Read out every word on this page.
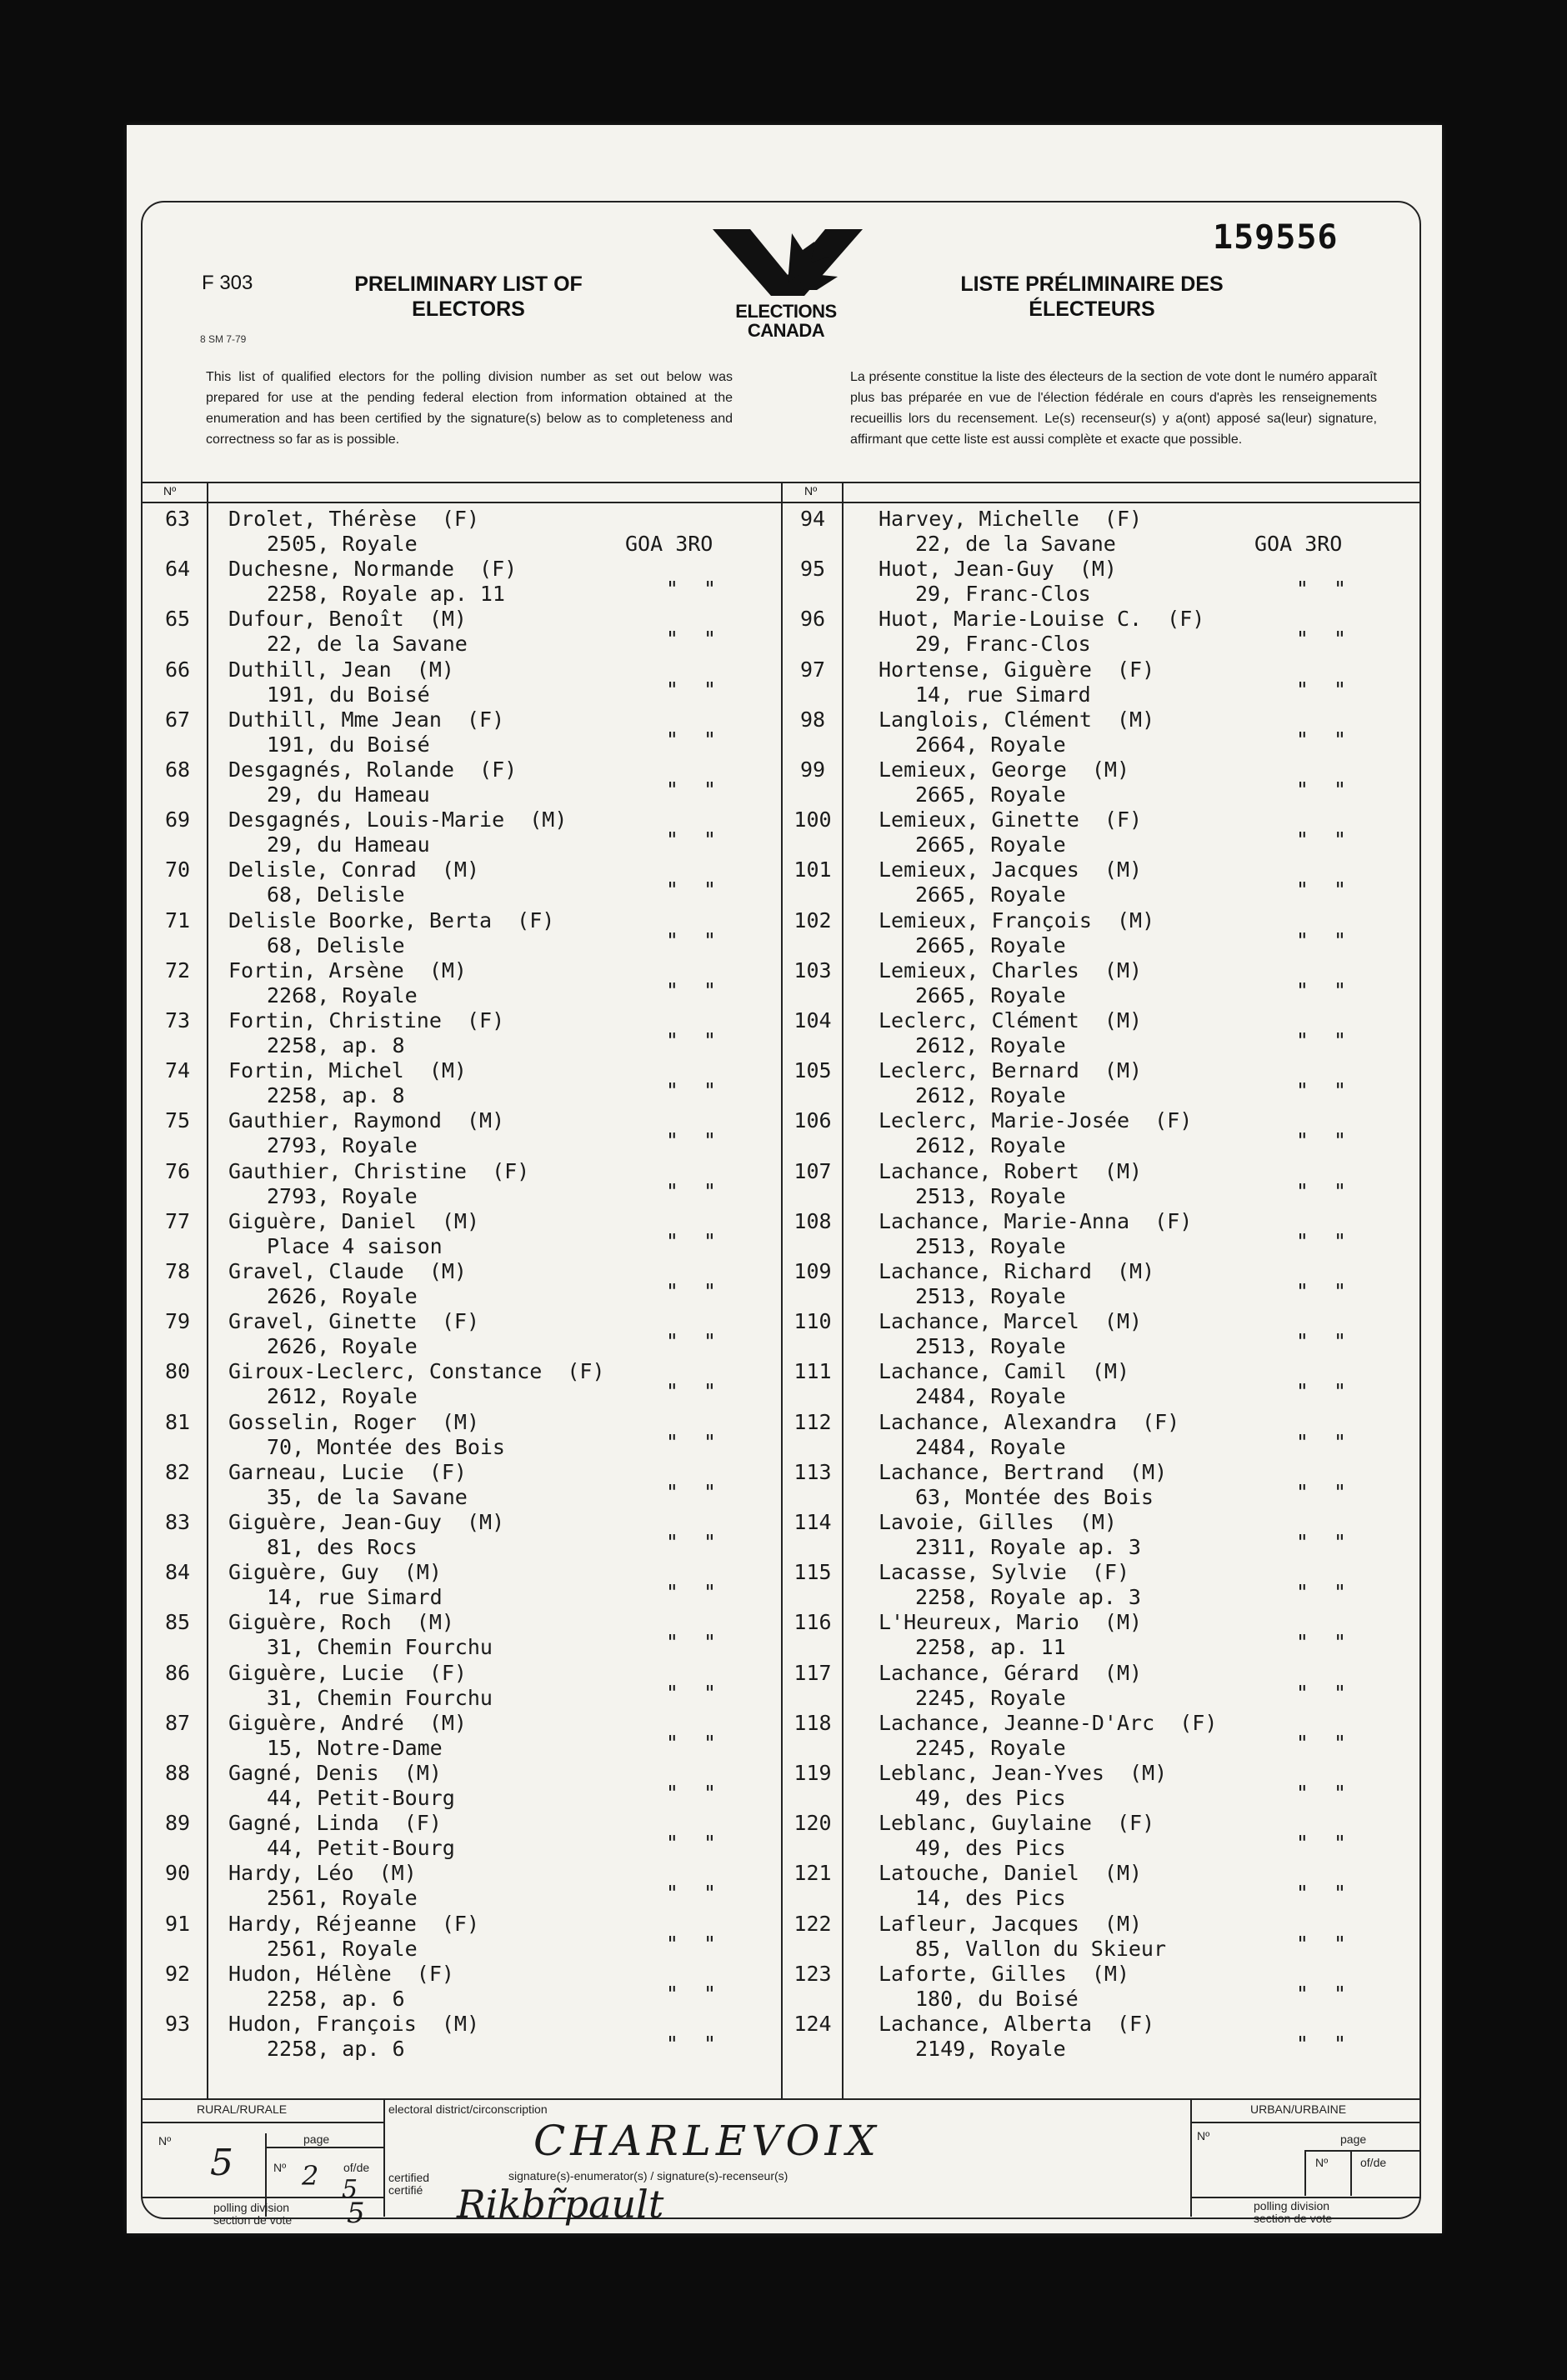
159556
F 303
8 SM 7-79
PRELIMINARY LIST OF
ELECTORS
LISTE PRÉLIMINAIRE DES
ÉLECTEURS
ELECTIONS
CANADA
This list of qualified electors for the polling division number as set out below was prepared for use at the pending federal election from information obtained at the enumeration and has been certified by the signature(s) below as to completeness and correctness so far as is possible.
La présente constitue la liste des électeurs de la section de vote dont le numéro apparaît plus bas préparée en vue de l'élection fédérale en cours d'après les renseignements recueillis lors du recensement. Le(s) recenseur(s) y a(ont) apposé sa(leur) signature, affirmant que cette liste est aussi complète et exacte que possible.
Nº	Nº
63	Drolet, Thérèse  (F)
2505, Royale	GOA 3RO
64	Duchesne, Normande  (F)
2258, Royale ap. 11	"  "
65	Dufour, Benoît  (M)
22, de la Savane	"  "
66	Duthill, Jean  (M)
191, du Boisé	"  "
67	Duthill, Mme Jean  (F)
191, du Boisé	"  "
68	Desgagnés, Rolande  (F)
29, du Hameau	"  "
69	Desgagnés, Louis-Marie  (M)
29, du Hameau	"  "
70	Delisle, Conrad  (M)
68, Delisle	"  "
71	Delisle Boorke, Berta  (F)
68, Delisle	"  "
72	Fortin, Arsène  (M)
2268, Royale	"  "
73	Fortin, Christine  (F)
2258, ap. 8	"  "
74	Fortin, Michel  (M)
2258, ap. 8	"  "
75	Gauthier, Raymond  (M)
2793, Royale	"  "
76	Gauthier, Christine  (F)
2793, Royale	"  "
77	Giguère, Daniel  (M)
Place 4 saison	"  "
78	Gravel, Claude  (M)
2626, Royale	"  "
79	Gravel, Ginette  (F)
2626, Royale	"  "
80	Giroux-Leclerc, Constance  (F)
2612, Royale	"  "
81	Gosselin, Roger  (M)
70, Montée des Bois	"  "
82	Garneau, Lucie  (F)
35, de la Savane	"  "
83	Giguère, Jean-Guy  (M)
81, des Rocs	"  "
84	Giguère, Guy  (M)
14, rue Simard	"  "
85	Giguère, Roch  (M)
31, Chemin Fourchu	"  "
86	Giguère, Lucie  (F)
31, Chemin Fourchu	"  "
87	Giguère, André  (M)
15, Notre-Dame	"  "
88	Gagné, Denis  (M)
44, Petit-Bourg	"  "
89	Gagné, Linda  (F)
44, Petit-Bourg	"  "
90	Hardy, Léo  (M)
2561, Royale	"  "
91	Hardy, Réjeanne  (F)
2561, Royale	"  "
92	Hudon, Hélène  (F)
2258, ap. 6	"  "
93	Hudon, François  (M)
2258, ap. 6	"  "
94	Harvey, Michelle  (F)
22, de la Savane	GOA 3RO
95	Huot, Jean-Guy  (M)
29, Franc-Clos	"  "
96	Huot, Marie-Louise C.  (F)
29, Franc-Clos	"  "
97	Hortense, Giguère  (F)
14, rue Simard	"  "
98	Langlois, Clément  (M)
2664, Royale	"  "
99	Lemieux, George  (M)
2665, Royale	"  "
100	Lemieux, Ginette  (F)
2665, Royale	"  "
101	Lemieux, Jacques  (M)
2665, Royale	"  "
102	Lemieux, François  (M)
2665, Royale	"  "
103	Lemieux, Charles  (M)
2665, Royale	"  "
104	Leclerc, Clément  (M)
2612, Royale	"  "
105	Leclerc, Bernard  (M)
2612, Royale	"  "
106	Leclerc, Marie-Josée  (F)
2612, Royale	"  "
107	Lachance, Robert  (M)
2513, Royale	"  "
108	Lachance, Marie-Anna  (F)
2513, Royale	"  "
109	Lachance, Richard  (M)
2513, Royale	"  "
110	Lachance, Marcel  (M)
2513, Royale	"  "
111	Lachance, Camil  (M)
2484, Royale	"  "
112	Lachance, Alexandra  (F)
2484, Royale	"  "
113	Lachance, Bertrand  (M)
63, Montée des Bois	"  "
114	Lavoie, Gilles  (M)
2311, Royale ap. 3	"  "
115	Lacasse, Sylvie  (F)
2258, Royale ap. 3	"  "
116	L'Heureux, Mario  (M)
2258, ap. 11	"  "
117	Lachance, Gérard  (M)
2245, Royale	"  "
118	Lachance, Jeanne-D'Arc  (F)
2245, Royale	"  "
119	Leblanc, Jean-Yves  (M)
49, des Pics	"  "
120	Leblanc, Guylaine  (F)
49, des Pics	"  "
121	Latouche, Daniel  (M)
14, des Pics	"  "
122	Lafleur, Jacques  (M)
85, Vallon du Skieur	"  "
123	Laforte, Gilles  (M)
180, du Boisé	"  "
124	Lachance, Alberta  (F)
2149, Royale	"  "
RURAL/RURALE	URBAN/URBAINE
electoral district/circonscription
Nº	Nº
page	page
Nº	of/de	Nº	of/de
certified
certifié
signature(s)-enumerator(s) / signature(s)-recenseur(s)
polling division
section de vote
polling division
section de vote
CHARLEVOIX
5	2 5
5 Rikbr̃pault
